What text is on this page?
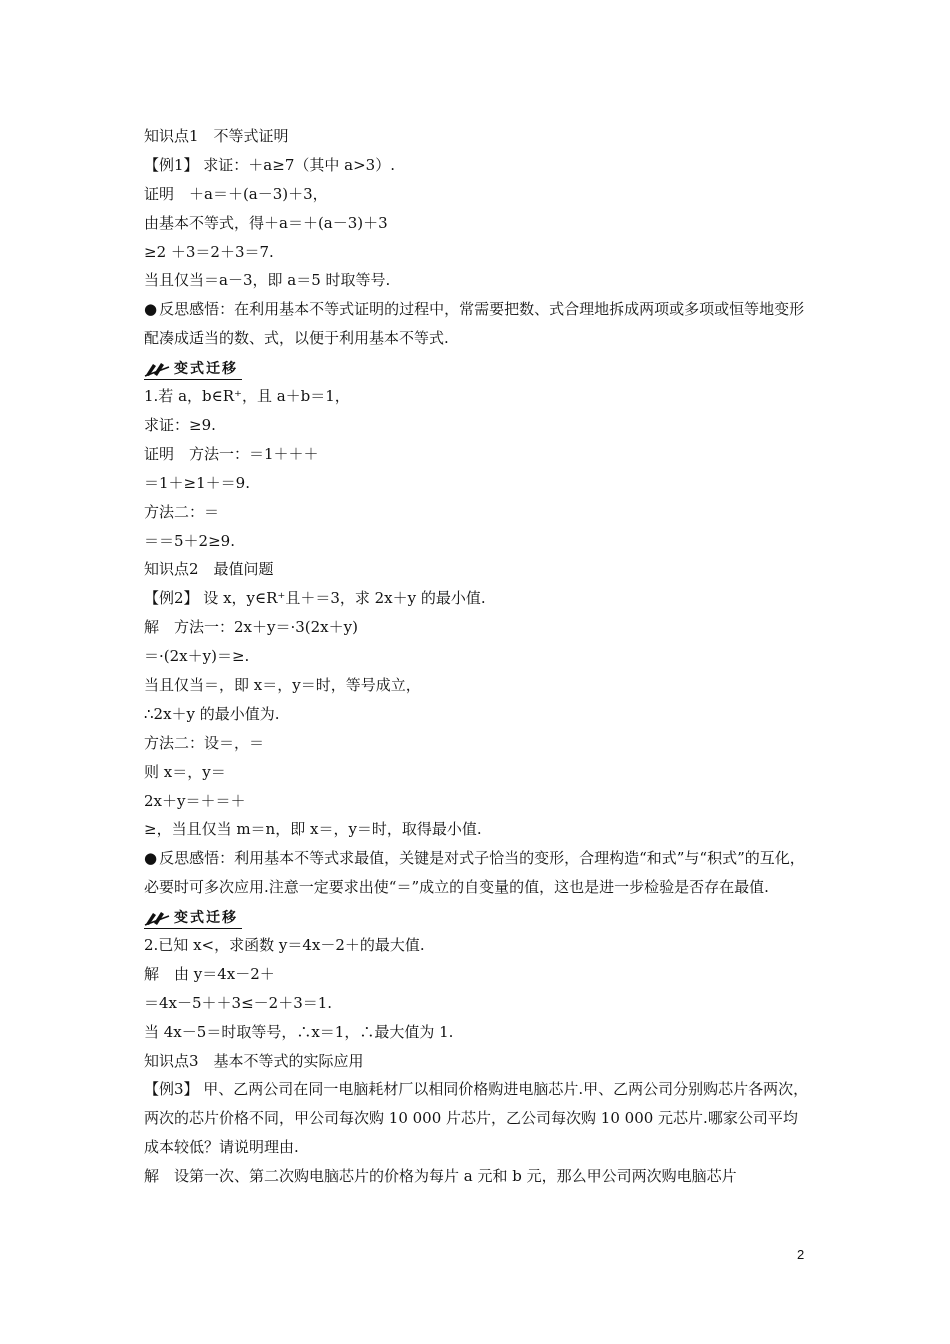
知识点1　不等式证明
【例1】 求证：＋a≥7（其中 a>3）.
证明　＋a＝＋(a－3)＋3，
由基本不等式，得＋a＝＋(a－3)＋3
≥2 ＋3＝2＋3＝7.
当且仅当＝a－3，即 a＝5 时取等号.
● 反思感悟：在利用基本不等式证明的过程中，常需要把数、式合理地拆成两项或多项或恒等地变形配凑成适当的数、式，以便于利用基本不等式.
变式迁移
1.若 a，b∈R⁺，且 a＋b＝1，
求证：≥9.
证明　方法一：＝1＋＋＋
＝1＋≥1＋＝9.
方法二：＝
＝＝5＋2≥9.
知识点2　最值问题
【例2】 设 x，y∈R⁺且＋＝3，求 2x＋y 的最小值.
解　方法一：2x＋y＝·3(2x＋y)
＝·(2x＋y)＝≥.
当且仅当＝，即 x＝，y＝时，等号成立，
∴2x＋y 的最小值为.
方法二：设＝，＝
则 x＝，y＝
2x＋y＝＋＝＋
≥，当且仅当 m＝n，即 x＝，y＝时，取得最小值.
● 反思感悟：利用基本不等式求最值，关键是对式子恰当的变形，合理构造“和式”与“积式”的互化，必要时可多次应用.注意一定要求出使“＝”成立的自变量的值，这也是进一步检验是否存在最值.
变式迁移
2.已知 x<，求函数 y＝4x－2＋的最大值.
解　由 y＝4x－2＋
＝4x－5＋＋3≤－2＋3＝1.
当 4x－5＝时取等号，∴x＝1，∴最大值为 1.
知识点3　基本不等式的实际应用
【例3】 甲、乙两公司在同一电脑耗材厂以相同价格购进电脑芯片.甲、乙两公司分别购芯片各两次，两次的芯片价格不同，甲公司每次购 10 000 片芯片，乙公司每次购 10 000 元芯片.哪家公司平均成本较低？请说明理由.
解　设第一次、第二次购电脑芯片的价格为每片 a 元和 b 元，那么甲公司两次购电脑芯片
2
